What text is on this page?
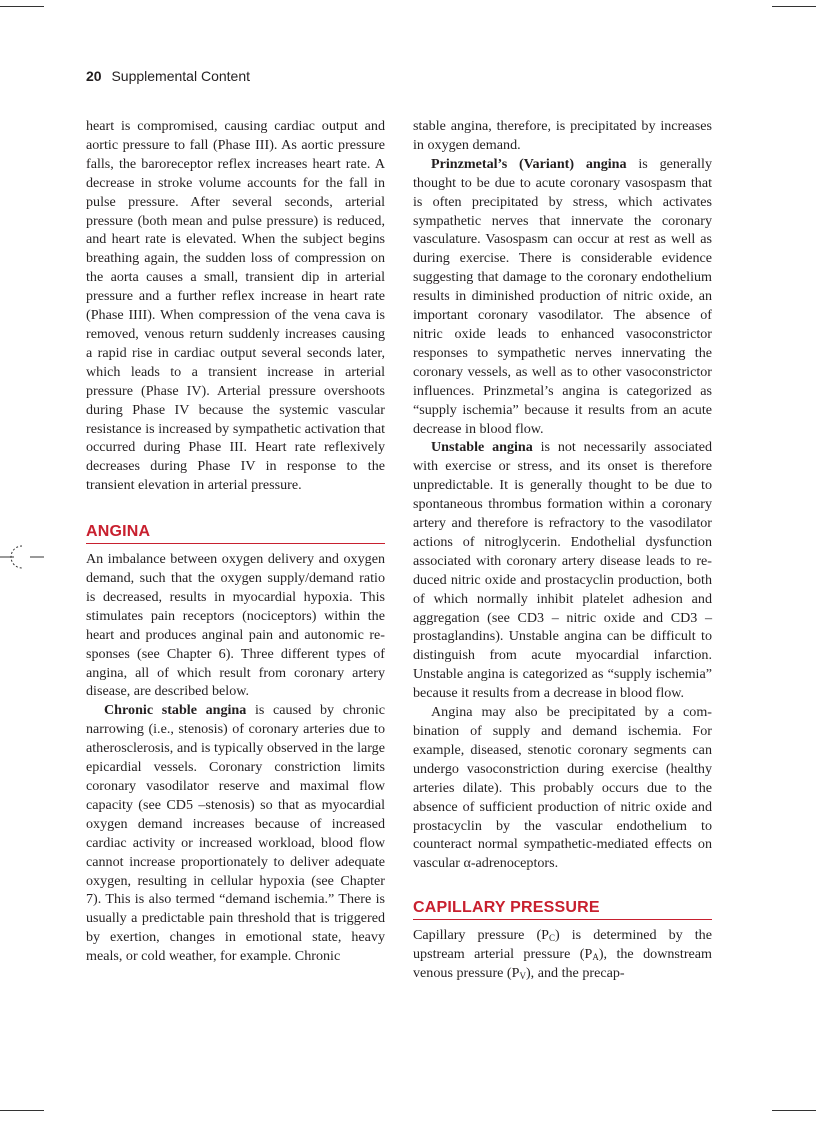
20 Supplemental Content

heart is compromised, causing cardiac output and aortic pressure to fall (Phase III). As aortic pressure falls, the baroreceptor reflex increases heart rate. A decrease in stroke volume accounts for the fall in pulse pressure. After several seconds, arterial pressure (both mean and pulse pressure) is reduced, and heart rate is elevated. When the subject begins breathing again, the sudden loss of compression on the aorta causes a small, transient dip in arterial pressure and a further reflex increase in heart rate (Phase IIII). When compression of the vena cava is removed, venous return suddenly increases causing a rapid rise in cardiac output several seconds later, which leads to a transient increase in arterial pressure (Phase IV). Arterial pressure overshoots during Phase IV because the systemic vascular resistance is increased by sympathetic activation that occurred during Phase III. Heart rate reflexively decreases during Phase IV in response to the transient elevation in arterial pressure.

ANGINA

An imbalance between oxygen delivery and oxygen demand, such that the oxygen supply/demand ratio is decreased, results in myocardial hypoxia. This stimulates pain receptors (nociceptors) within the heart and produces anginal pain and autonomic responses (see Chapter 6). Three different types of angina, all of which result from coronary artery disease, are described below.

Chronic stable angina is caused by chronic narrowing (i.e., stenosis) of coronary arteries due to atherosclerosis, and is typically observed in the large epicardial vessels. Coronary constriction limits coronary vasodilator reserve and maximal flow capacity (see CD5 –stenosis) so that as myocardial oxygen demand increases because of increased cardiac activity or increased workload, blood flow cannot increase proportionately to deliver adequate oxygen, resulting in cellular hypoxia (see Chapter 7). This is also termed “demand ischemia.” There is usually a predictable pain threshold that is triggered by exertion, changes in emotional state, heavy meals, or cold weather, for example. Chronic

stable angina, therefore, is precipitated by increases in oxygen demand.

Prinzmetal’s (Variant) angina is generally thought to be due to acute coronary vasospasm that is often precipitated by stress, which activates sympathetic nerves that innervate the coronary vasculature. Vasospasm can occur at rest as well as during exercise. There is considerable evidence suggesting that damage to the coronary endothelium results in diminished production of nitric oxide, an important coronary vasodilator. The absence of nitric oxide leads to enhanced vasoconstrictor responses to sympathetic nerves innervating the coronary vessels, as well as to other vasoconstrictor influences. Prinzmetal’s angina is categorized as “supply ischemia” because it results from an acute decrease in blood flow.

Unstable angina is not necessarily associated with exercise or stress, and its onset is therefore unpredictable. It is generally thought to be due to spontaneous thrombus formation within a coronary artery and therefore is refractory to the vasodilator actions of nitroglycerin. Endothelial dysfunction associated with coronary artery disease leads to reduced nitric oxide and prostacyclin production, both of which normally inhibit platelet adhesion and aggregation (see CD3 – nitric oxide and CD3 – prostaglandins). Unstable angina can be difficult to distinguish from acute myocardial infarction. Unstable angina is categorized as “supply ischemia” because it results from a decrease in blood flow.

Angina may also be precipitated by a combination of supply and demand ischemia. For example, diseased, stenotic coronary segments can undergo vasoconstriction during exercise (healthy arteries dilate). This probably occurs due to the absence of sufficient production of nitric oxide and prostacyclin by the vascular endothelium to counteract normal sympathetic-mediated effects on vascular α-adrenoceptors.

CAPILLARY PRESSURE

Capillary pressure $(P_C)$ is determined by the upstream arterial pressure $(P_A)$, the downstream venous pressure $(P_V)$, and the precap-
